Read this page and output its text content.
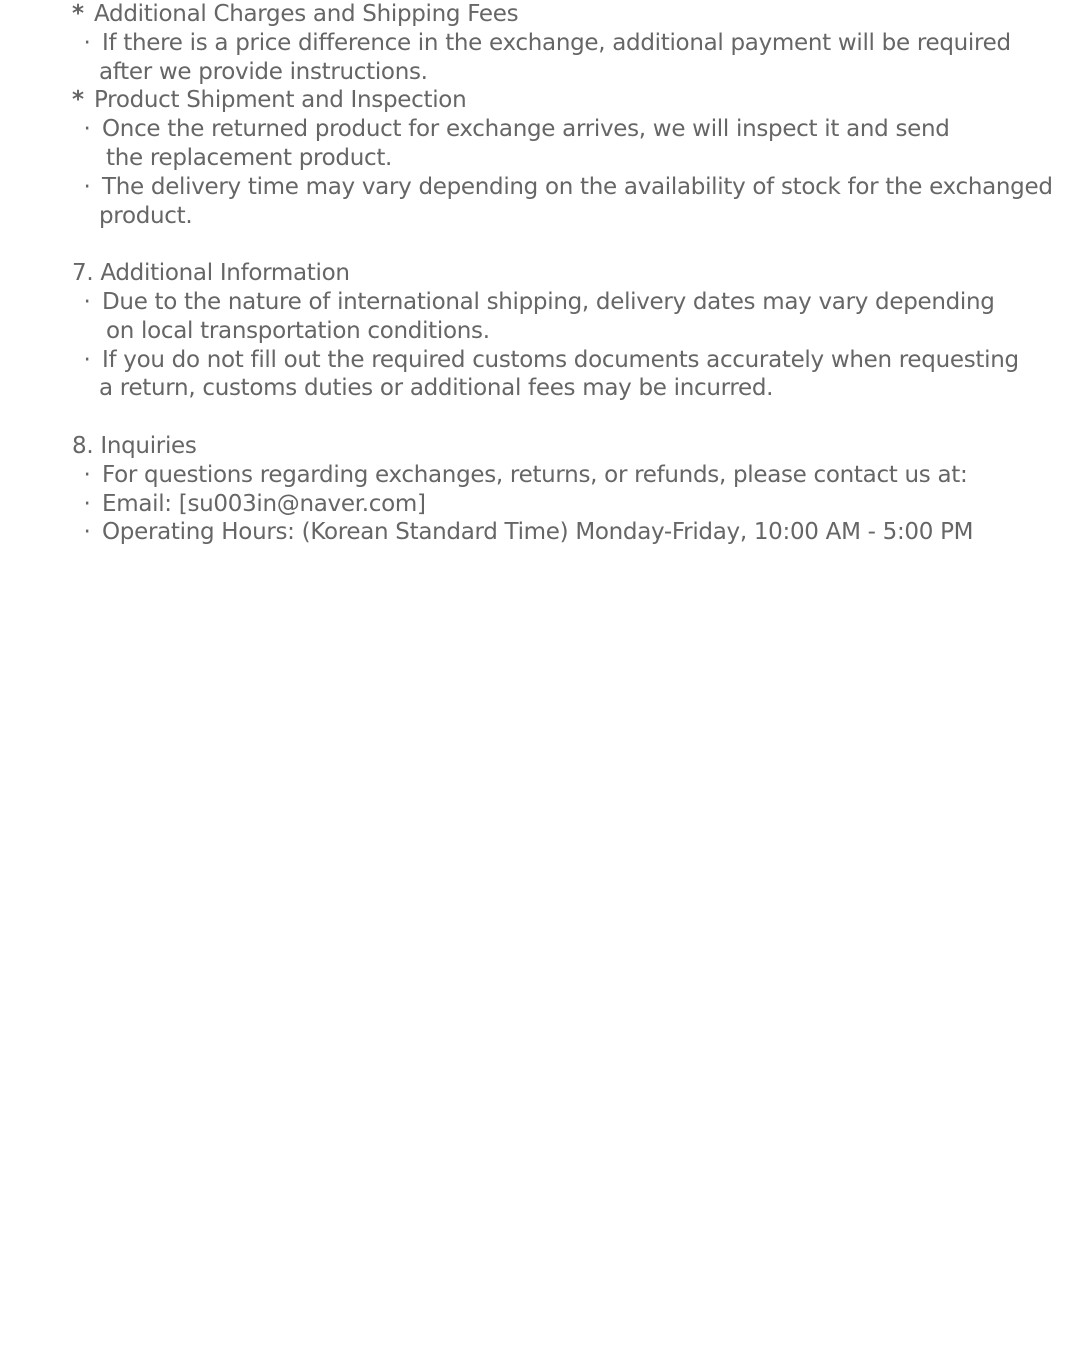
* Additional Charges and Shipping Fees
· If there is a price difference in the exchange, additional payment will be required
after we provide instructions.
* Product Shipment and Inspection
· Once the returned product for exchange arrives, we will inspect it and send
the replacement product.
· The delivery time may vary depending on the availability of stock for the exchanged
product.
7. Additional Information
· Due to the nature of international shipping, delivery dates may vary depending
on local transportation conditions.
· If you do not fill out the required customs documents accurately when requesting
a return, customs duties or additional fees may be incurred.
8. Inquiries
· For questions regarding exchanges, returns, or refunds, please contact us at:
· Email: [su003in@naver.com]
· Operating Hours: (Korean Standard Time) Monday-Friday, 10:00 AM - 5:00 PM
